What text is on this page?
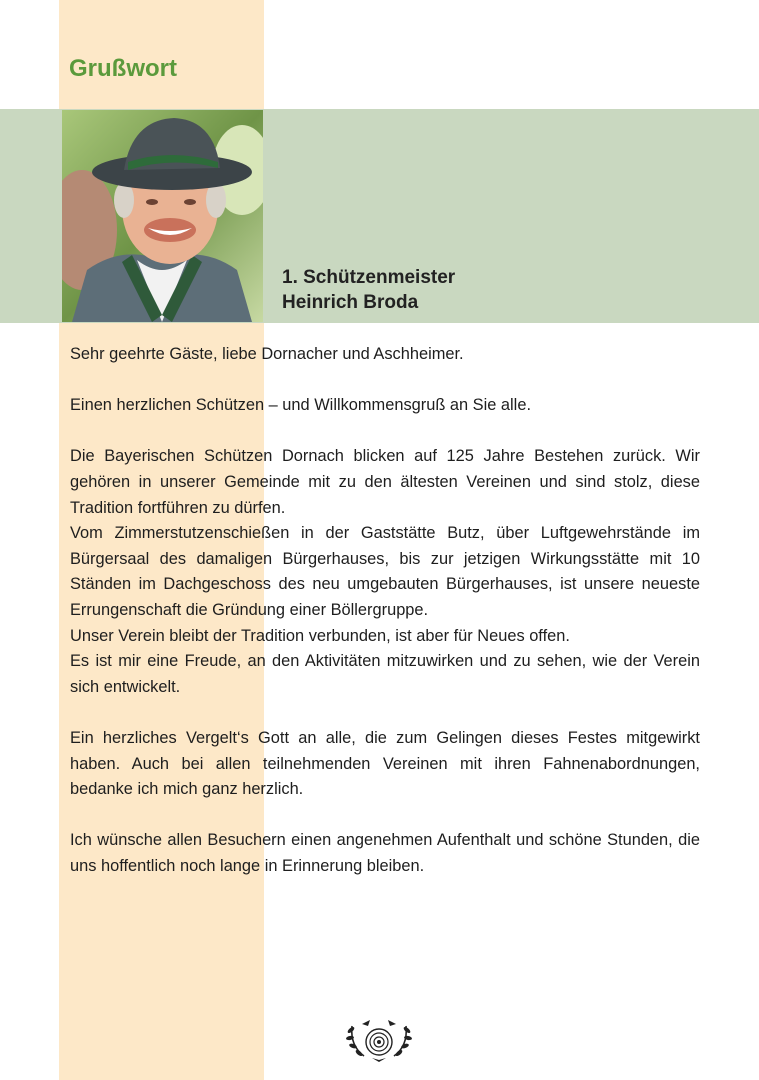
Grußwort
1. Schützenmeister
Heinrich Broda

Sehr geehrte Gäste, liebe Dornacher und Aschheimer.

Einen herzlichen Schützen – und Willkommensgruß an Sie alle.

Die Bayerischen Schützen Dornach blicken auf 125 Jahre Bestehen zurück. Wir gehören in unserer Gemeinde mit zu den ältesten Vereinen und sind stolz, diese Tradition fortführen zu dürfen.

Vom Zimmerstutzenschießen in der Gaststätte Butz, über Luftgewehrstände im Bürgersaal des damaligen Bürgerhauses, bis zur jetzigen Wirkungsstätte mit 10 Ständen im Dachgeschoss des neu umgebauten Bürgerhauses, ist unsere neueste Errungenschaft die Gründung einer Böllergruppe.

Unser Verein bleibt der Tradition verbunden, ist aber für Neues offen.

Es ist mir eine Freude, an den Aktivitäten mitzuwirken und zu sehen, wie der Verein sich entwickelt.

Ein herzliches Vergelt‘s Gott an alle, die zum Gelingen dieses Festes mitgewirkt haben. Auch bei allen teilnehmenden Vereinen mit ihren Fahnenabordnungen, bedanke ich mich ganz herzlich.

Ich wünsche allen Besuchern einen angenehmen Aufenthalt und schöne Stunden, die uns hoffentlich noch lange in Erinnerung bleiben.
